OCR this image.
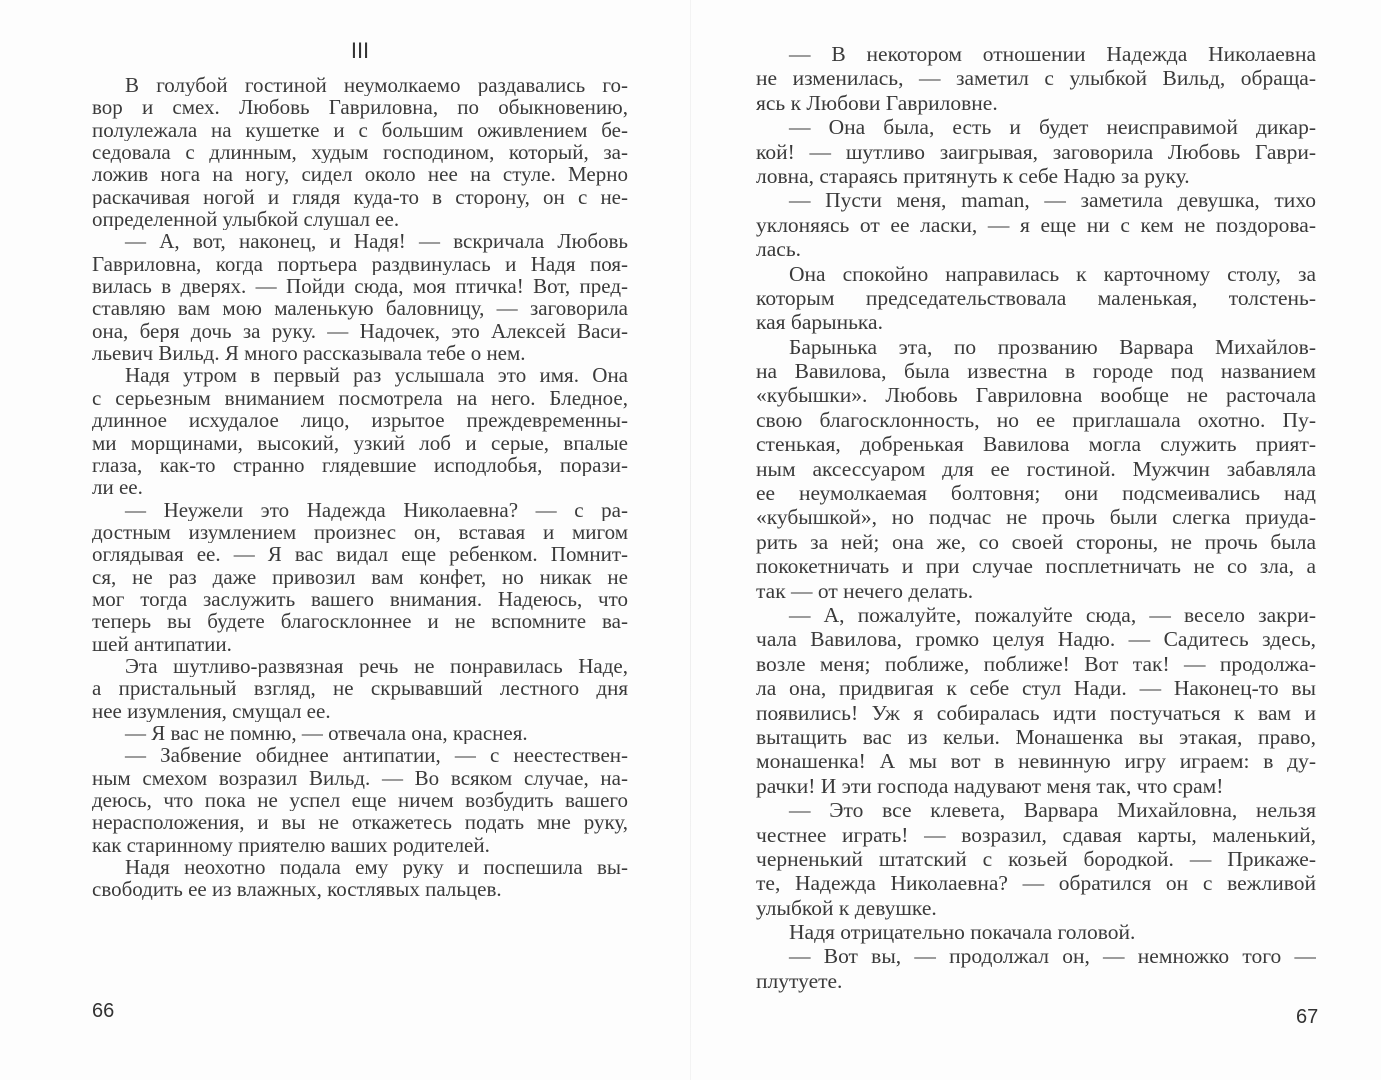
III
В голубой гостиной неумолкаемо раздавались го-
вор и смех. Любовь Гавриловна, по обыкновению,
полулежала на кушетке и с большим оживлением бе-
седовала с длинным, худым господином, который, за-
ложив нога на ногу, сидел около нее на стуле. Мерно
раскачивая ногой и глядя куда-то в сторону, он с не-
определенной улыбкой слушал ее.
— А, вот, наконец, и Надя! — вскричала Любовь
Гавриловна, когда портьера раздвинулась и Надя поя-
вилась в дверях. — Пойди сюда, моя птичка! Вот, пред-
ставляю вам мою маленькую баловницу, — заговорила
она, беря дочь за руку. — Надочек, это Алексей Васи-
льевич Вильд. Я много рассказывала тебе о нем.
Надя утром в первый раз услышала это имя. Она
с серьезным вниманием посмотрела на него. Бледное,
длинное исхудалое лицо, изрытое преждевременны-
ми морщинами, высокий, узкий лоб и серые, впалые
глаза, как-то странно глядевшие исподлобья, порази-
ли ее.
— Неужели это Надежда Николаевна? — с ра-
достным изумлением произнес он, вставая и мигом
оглядывая ее. — Я вас видал еще ребенком. Помнит-
ся, не раз даже привозил вам конфет, но никак не
мог тогда заслужить вашего внимания. Надеюсь, что
теперь вы будете благосклоннее и не вспомните ва-
шей антипатии.
Эта шутливо-развязная речь не понравилась Наде,
а пристальный взгляд, не скрывавший лестного дня
нее изумления, смущал ее.
— Я вас не помню, — отвечала она, краснея.
— Забвение обиднее антипатии, — с неестествен-
ным смехом возразил Вильд. — Во всяком случае, на-
деюсь, что пока не успел еще ничем возбудить вашего
нерасположения, и вы не откажетесь подать мне руку,
как старинному приятелю ваших родителей.
Надя неохотно подала ему руку и поспешила вы-
свободить ее из влажных, костлявых пальцев.
— В некотором отношении Надежда Николаевна
не изменилась, — заметил с улыбкой Вильд, обраща-
ясь к Любови Гавриловне.
— Она была, есть и будет неисправимой дикар-
кой! — шутливо заигрывая, заговорила Любовь Гаври-
ловна, стараясь притянуть к себе Надю за руку.
— Пусти меня, maman, — заметила девушка, тихо
уклоняясь от ее ласки, — я еще ни с кем не поздорова-
лась.
Она спокойно направилась к карточному столу, за
которым председательствовала маленькая, толстень-
кая барынька.
Барынька эта, по прозванию Варвара Михайлов-
на Вавилова, была известна в городе под названием
«кубышки». Любовь Гавриловна вообще не расточала
свою благосклонность, но ее приглашала охотно. Пу-
стенькая, добренькая Вавилова могла служить прият-
ным аксессуаром для ее гостиной. Мужчин забавляла
ее неумолкаемая болтовня; они подсмеивались над
«кубышкой», но подчас не прочь были слегка приуда-
рить за ней; она же, со своей стороны, не прочь была
пококетничать и при случае посплетничать не со зла, а
так — от нечего делать.
— А, пожалуйте, пожалуйте сюда, — весело закри-
чала Вавилова, громко целуя Надю. — Садитесь здесь,
возле меня; поближе, поближе! Вот так! — продолжа-
ла она, придвигая к себе стул Нади. — Наконец-то вы
появились! Уж я собиралась идти постучаться к вам и
вытащить вас из кельи. Монашенка вы этакая, право,
монашенка! А мы вот в невинную игру играем: в ду-
рачки! И эти господа надувают меня так, что срам!
— Это все клевета, Варвара Михайловна, нельзя
честнее играть! — возразил, сдавая карты, маленький,
черненький штатский с козьей бородкой. — Прикаже-
те, Надежда Николаевна? — обратился он с вежливой
улыбкой к девушке.
Надя отрицательно покачала головой.
— Вот вы, — продолжал он, — немножко того —
плутуете.
66	67
